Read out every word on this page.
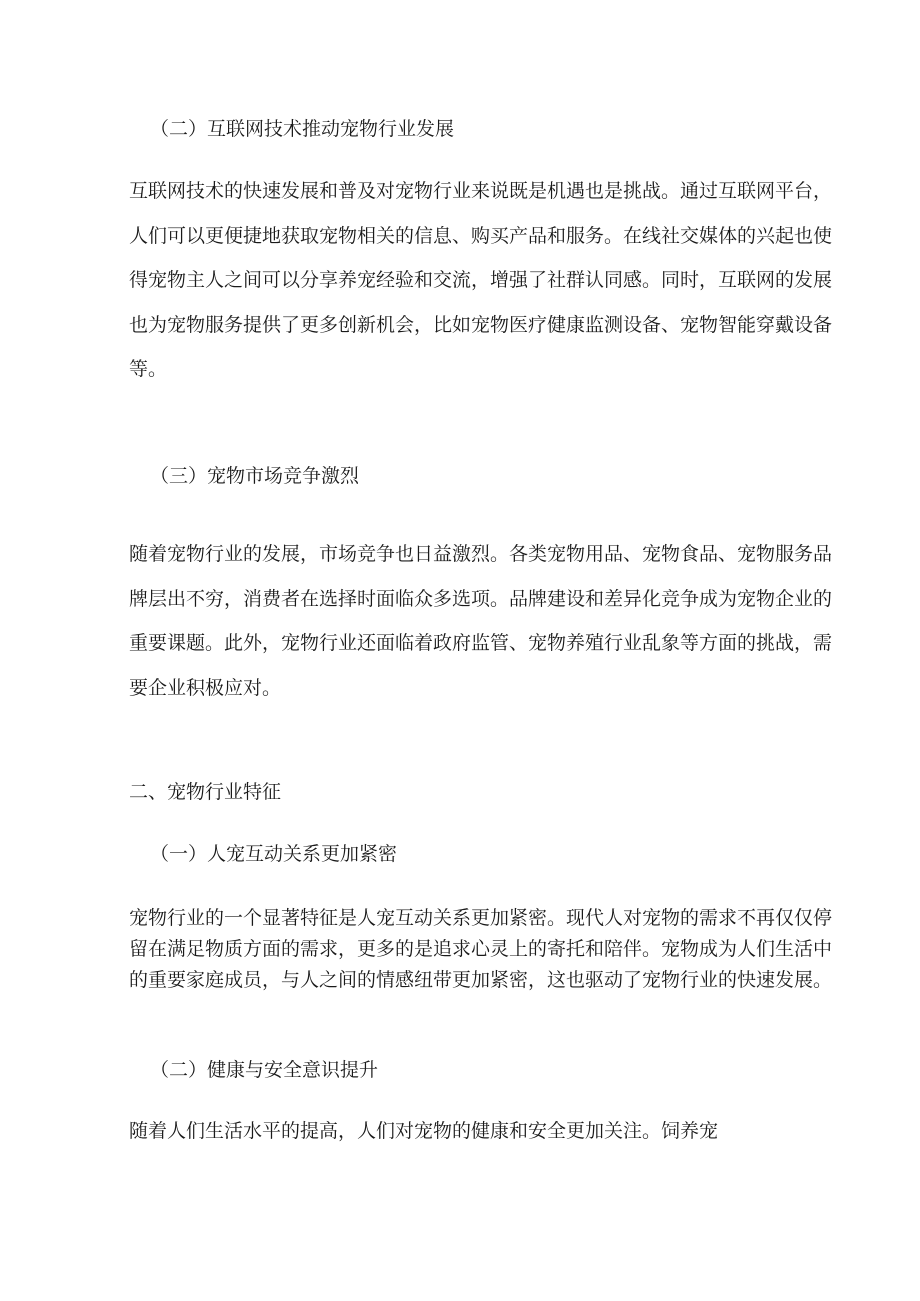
（二）互联网技术推动宠物行业发展

互联网技术的快速发展和普及对宠物行业来说既是机遇也是挑战。通过互联网平台，人们可以更便捷地获取宠物相关的信息、购买产品和服务。在线社交媒体的兴起也使得宠物主人之间可以分享养宠经验和交流，增强了社群认同感。同时，互联网的发展也为宠物服务提供了更多创新机会，比如宠物医疗健康监测设备、宠物智能穿戴设备等。

（三）宠物市场竞争激烈

随着宠物行业的发展，市场竞争也日益激烈。各类宠物用品、宠物食品、宠物服务品牌层出不穷，消费者在选择时面临众多选项。品牌建设和差异化竞争成为宠物企业的重要课题。此外，宠物行业还面临着政府监管、宠物养殖行业乱象等方面的挑战，需要企业积极应对。

二、宠物行业特征
（一）人宠互动关系更加紧密

宠物行业的一个显著特征是人宠互动关系更加紧密。现代人对宠物的需求不再仅仅停留在满足物质方面的需求，更多的是追求心灵上的寄托和陪伴。宠物成为人们生活中的重要家庭成员，与人之间的情感纽带更加紧密，这也驱动了宠物行业的快速发展。

（二）健康与安全意识提升

随着人们生活水平的提高，人们对宠物的健康和安全更加关注。饲养宠
